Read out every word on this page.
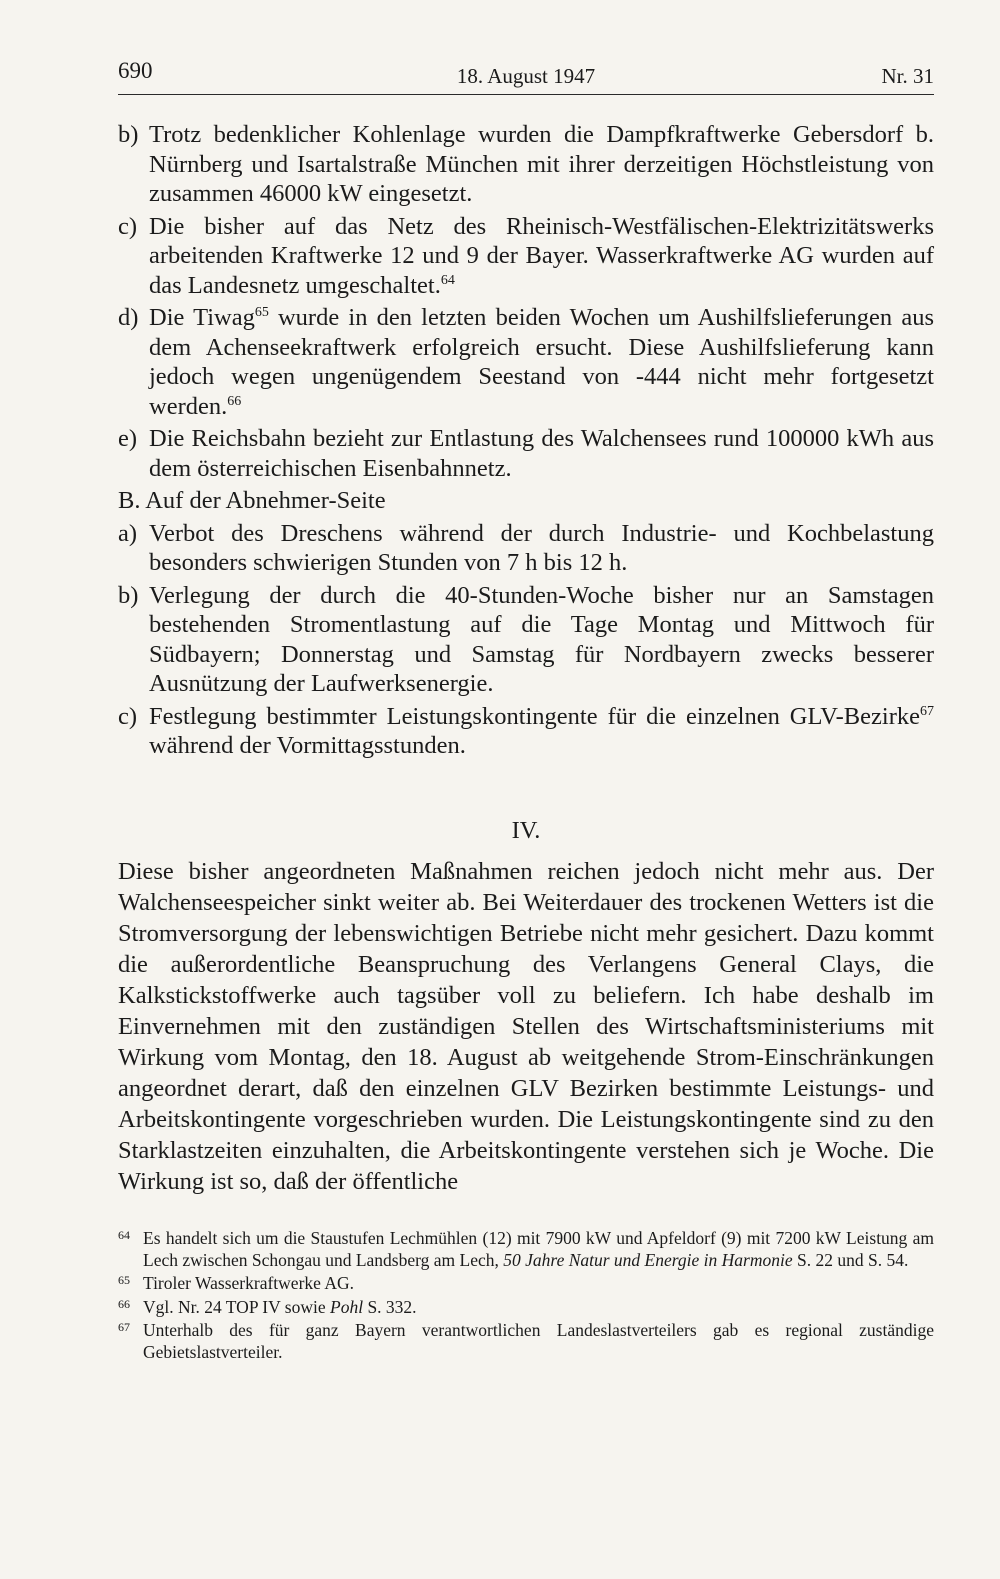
690	18. August 1947	Nr. 31
b) Trotz bedenklicher Kohlenlage wurden die Dampfkraftwerke Gebersdorf b. Nürnberg und Isartalstraße München mit ihrer derzeitigen Höchstleistung von zusammen 46000 kW eingesetzt.
c) Die bisher auf das Netz des Rheinisch-Westfälischen-Elektrizitätswerks arbeitenden Kraftwerke 12 und 9 der Bayer. Wasserkraftwerke AG wurden auf das Landesnetz umgeschaltet.$^{64}$
d) Die Tiwag$^{65}$ wurde in den letzten beiden Wochen um Aushilfslieferungen aus dem Achenseekraftwerk erfolgreich ersucht. Diese Aushilfslieferung kann jedoch wegen ungenügendem Seestand von -444 nicht mehr fortgesetzt werden.$^{66}$
e) Die Reichsbahn bezieht zur Entlastung des Walchensees rund 100000 kWh aus dem österreichischen Eisenbahnnetz.
B. Auf der Abnehmer-Seite
a) Verbot des Dreschens während der durch Industrie- und Kochbelastung besonders schwierigen Stunden von 7 h bis 12 h.
b) Verlegung der durch die 40-Stunden-Woche bisher nur an Samstagen bestehenden Stromentlastung auf die Tage Montag und Mittwoch für Südbayern; Donnerstag und Samstag für Nordbayern zwecks besserer Ausnützung der Laufwerksenergie.
c) Festlegung bestimmter Leistungskontingente für die einzelnen GLV-Bezirke$^{67}$ während der Vormittagsstunden.
IV.
Diese bisher angeordneten Maßnahmen reichen jedoch nicht mehr aus. Der Walchenseespeicher sinkt weiter ab. Bei Weiterdauer des trockenen Wetters ist die Stromversorgung der lebenswichtigen Betriebe nicht mehr gesichert. Dazu kommt die außerordentliche Beanspruchung des Verlangens General Clays, die Kalkstickstoffwerke auch tagsüber voll zu beliefern. Ich habe deshalb im Einvernehmen mit den zuständigen Stellen des Wirtschaftsministeriums mit Wirkung vom Montag, den 18. August ab weitgehende Strom-Einschränkungen angeordnet derart, daß den einzelnen GLV Bezirken bestimmte Leistungs- und Arbeitskontingente vorgeschrieben wurden. Die Leistungskontingente sind zu den Starklastzeiten einzuhalten, die Arbeitskontingente verstehen sich je Woche. Die Wirkung ist so, daß der öffentliche
64 Es handelt sich um die Staustufen Lechmühlen (12) mit 7900 kW und Apfeldorf (9) mit 7200 kW Leistung am Lech zwischen Schongau und Landsberg am Lech, 50 Jahre Natur und Energie in Harmonie S. 22 und S. 54.
65 Tiroler Wasserkraftwerke AG.
66 Vgl. Nr. 24 TOP IV sowie Pohl S. 332.
67 Unterhalb des für ganz Bayern verantwortlichen Landeslastverteilers gab es regional zuständige Gebietslastverteiler.
